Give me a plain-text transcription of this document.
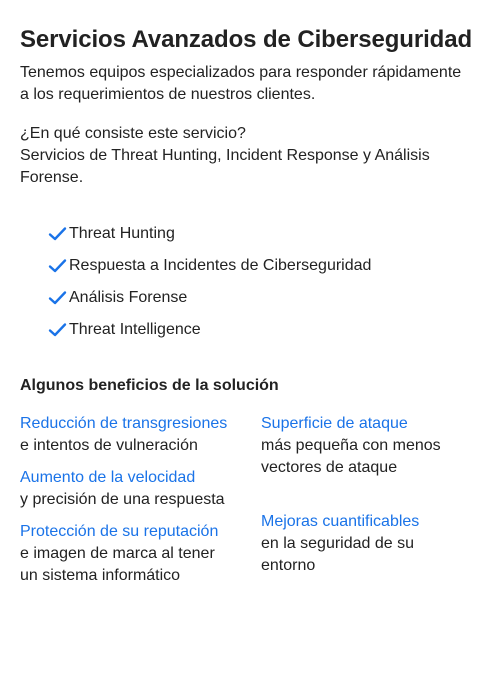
Servicios Avanzados de Ciberseguridad

Tenemos equipos especializados para responder rápidamente a los requerimientos de nuestros clientes.

¿En qué consiste este servicio?
Servicios de Threat Hunting, Incident Response y Análisis Forense.
Threat Hunting
Respuesta a Incidentes de Ciberseguridad
Análisis Forense
Threat Intelligence
Algunos beneficios de la solución
Reducción de transgresiones
e intentos de vulneración
Aumento de la velocidad
y precisión de una respuesta
Protección de su reputación
e imagen de marca al tener un sistema informático
Superficie de ataque
más pequeña con menos vectores de ataque
Mejoras cuantificables
en la seguridad de su entorno
